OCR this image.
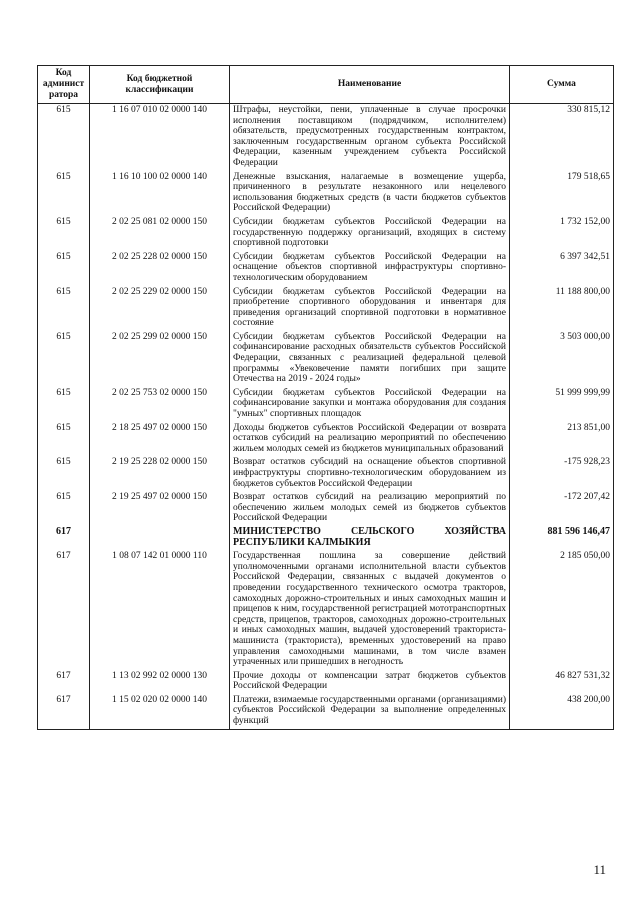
Код админист ратора	Код бюджетной классификации	Наименование	Сумма
615	1 16 07 010 02 0000 140	Штрафы, неустойки, пени, уплаченные в случае просрочки исполнения поставщиком (подрядчиком, исполнителем) обязательств, предусмотренных государственным контрактом, заключенным государственным органом субъекта Российской Федерации, казенным учреждением субъекта Российской Федерации	330 815,12
615	1 16 10 100 02 0000 140	Денежные взыскания, налагаемые в возмещение ущерба, причиненного в результате незаконного или нецелевого использования бюджетных средств (в части бюджетов субъектов Российской Федерации)	179 518,65
615	2 02 25 081 02 0000 150	Субсидии бюджетам субъектов Российской Федерации на государственную поддержку организаций, входящих в систему спортивной подготовки	1 732 152,00
615	2 02 25 228 02 0000 150	Субсидии бюджетам субъектов Российской Федерации на оснащение объектов спортивной инфраструктуры спортивно-технологическим оборудованием	6 397 342,51
615	2 02 25 229 02 0000 150	Субсидии бюджетам субъектов Российской Федерации на приобретение спортивного оборудования и инвентаря для приведения организаций спортивной подготовки в нормативное состояние	11 188 800,00
615	2 02 25 299 02 0000 150	Субсидии бюджетам субъектов Российской Федерации на софинансирование расходных обязательств субъектов Российской Федерации, связанных с реализацией федеральной целевой программы «Увековечение памяти погибших при защите Отечества на 2019 - 2024 годы»	3 503 000,00
615	2 02 25 753 02 0000 150	Субсидии бюджетам субъектов Российской Федерации на софинансирование закупки и монтажа оборудования для создания "умных" спортивных площадок	51 999 999,99
615	2 18 25 497 02 0000 150	Доходы бюджетов субъектов Российской Федерации от возврата остатков субсидий на реализацию мероприятий по обеспечению жильем молодых семей из бюджетов муниципальных образований	213 851,00
615	2 19 25 228 02 0000 150	Возврат остатков субсидий на оснащение объектов спортивной инфраструктуры спортивно-технологическим оборудованием из бюджетов субъектов Российской Федерации	-175 928,23
615	2 19 25 497 02 0000 150	Возврат остатков субсидий на реализацию мероприятий по обеспечению жильем молодых семей из бюджетов субъектов Российской Федерации	-172 207,42
617		МИНИСТЕРСТВО СЕЛЬСКОГО ХОЗЯЙСТВА РЕСПУБЛИКИ КАЛМЫКИЯ	881 596 146,47
617	1 08 07 142 01 0000 110	Государственная пошлина за совершение действий уполномоченными органами исполнительной власти субъектов Российской Федерации, связанных с выдачей документов о проведении государственного технического осмотра тракторов, самоходных дорожно-строительных и иных самоходных машин и прицепов к ним, государственной регистрацией мототранспортных средств, прицепов, тракторов, самоходных дорожно-строительных и иных самоходных машин, выдачей удостоверений тракториста-машиниста (тракториста), временных удостоверений на право управления самоходными машинами, в том числе взамен утраченных или пришедших в негодность	2 185 050,00
617	1 13 02 992 02 0000 130	Прочие доходы от компенсации затрат бюджетов субъектов Российской Федерации	46 827 531,32
617	1 15 02 020 02 0000 140	Платежи, взимаемые государственными органами (организациями) субъектов Российской Федерации за выполнение определенных функций	438 200,00
11
